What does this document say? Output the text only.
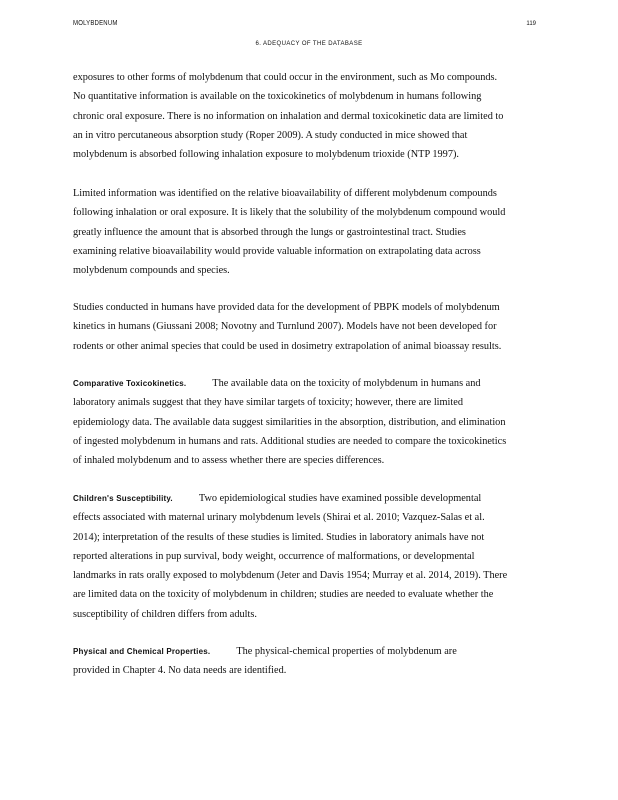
MOLYBDENUM	119
6. ADEQUACY OF THE DATABASE
exposures to other forms of molybdenum that could occur in the environment, such as Mo compounds.
No quantitative information is available on the toxicokinetics of molybdenum in humans following
chronic oral exposure. There is no information on inhalation and dermal toxicokinetic data are limited to
an in vitro percutaneous absorption study (Roper 2009). A study conducted in mice showed that
molybdenum is absorbed following inhalation exposure to molybdenum trioxide (NTP 1997).
Limited information was identified on the relative bioavailability of different molybdenum compounds
following inhalation or oral exposure. It is likely that the solubility of the molybdenum compound would
greatly influence the amount that is absorbed through the lungs or gastrointestinal tract. Studies
examining relative bioavailability would provide valuable information on extrapolating data across
molybdenum compounds and species.
Studies conducted in humans have provided data for the development of PBPK models of molybdenum
kinetics in humans (Giussani 2008; Novotny and Turnlund 2007). Models have not been developed for
rodents or other animal species that could be used in dosimetry extrapolation of animal bioassay results.
Comparative Toxicokinetics.	The available data on the toxicity of molybdenum in humans and
laboratory animals suggest that they have similar targets of toxicity; however, there are limited
epidemiology data. The available data suggest similarities in the absorption, distribution, and elimination
of ingested molybdenum in humans and rats. Additional studies are needed to compare the toxicokinetics
of inhaled molybdenum and to assess whether there are species differences.
Children's Susceptibility.	Two epidemiological studies have examined possible developmental
effects associated with maternal urinary molybdenum levels (Shirai et al. 2010; Vazquez-Salas et al.
2014); interpretation of the results of these studies is limited. Studies in laboratory animals have not
reported alterations in pup survival, body weight, occurrence of malformations, or developmental
landmarks in rats orally exposed to molybdenum (Jeter and Davis 1954; Murray et al. 2014, 2019). There
are limited data on the toxicity of molybdenum in children; studies are needed to evaluate whether the
susceptibility of children differs from adults.
Physical and Chemical Properties.	The physical-chemical properties of molybdenum are
provided in Chapter 4. No data needs are identified.
